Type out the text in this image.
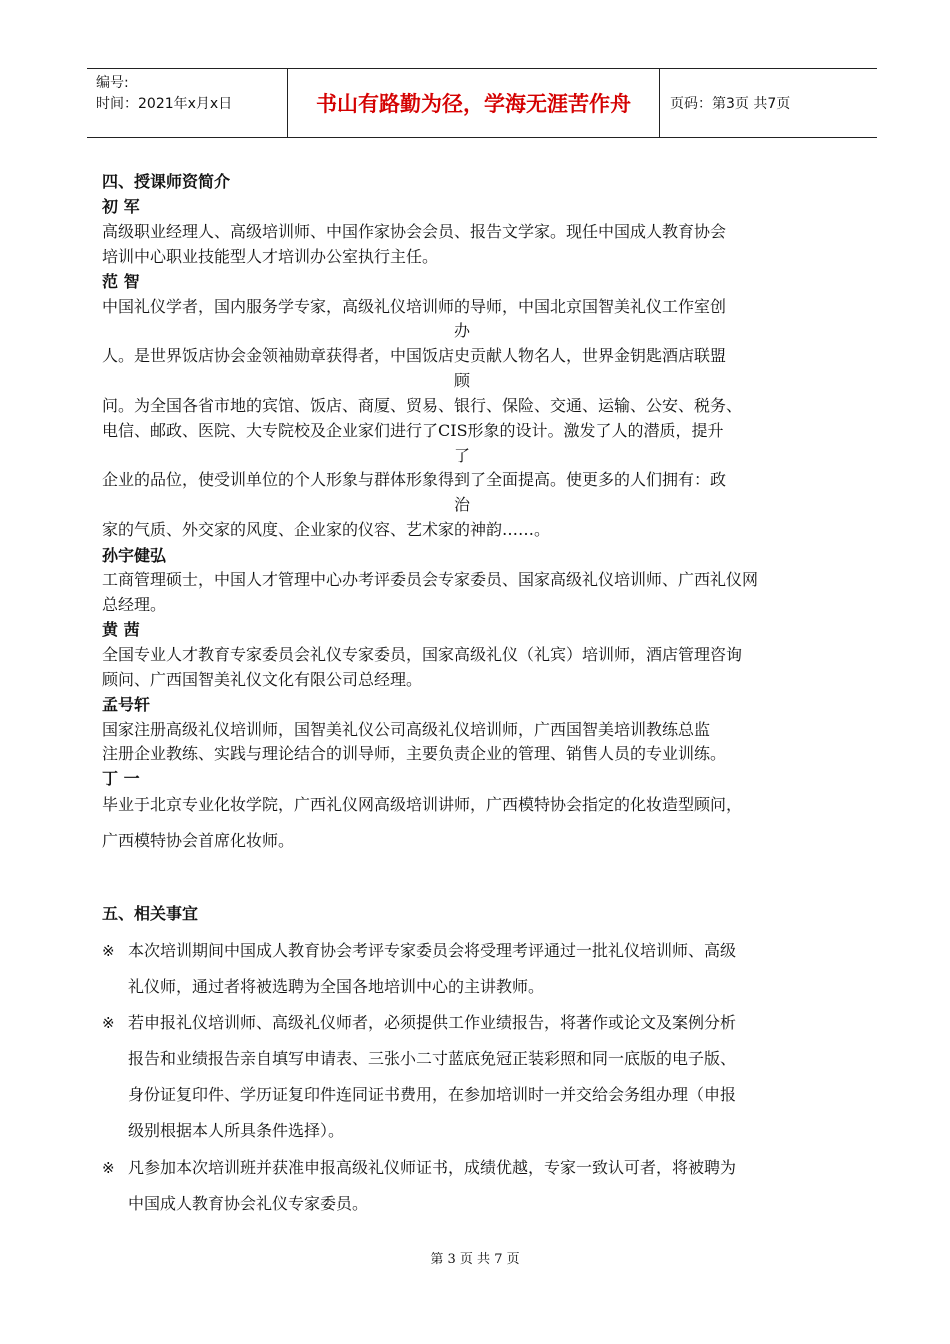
编号:
时间：2021年x月x日	书山有路勤为径，学海无涯苦作舟	页码：第3页 共7页
四、授课师资简介
初 军
高级职业经理人、高级培训师、中国作家协会会员、报告文学家。现任中国成人教育协会
培训中心职业技能型人才培训办公室执行主任。
范 智
中国礼仪学者，国内服务学专家，高级礼仪培训师的导师，中国北京国智美礼仪工作室创
办
人。是世界饭店协会金领袖勋章获得者，中国饭店史贡献人物名人，世界金钥匙酒店联盟
顾
问。为全国各省市地的宾馆、饭店、商厦、贸易、银行、保险、交通、运输、公安、税务、
电信、邮政、医院、大专院校及企业家们进行了CIS形象的设计。激发了人的潜质，提升
了
企业的品位，使受训单位的个人形象与群体形象得到了全面提高。使更多的人们拥有：政
治
家的气质、外交家的风度、企业家的仪容、艺术家的神韵……。
孙宇健弘
工商管理硕士，中国人才管理中心办考评委员会专家委员、国家高级礼仪培训师、广西礼仪网
总经理。
黄 茜
全国专业人才教育专家委员会礼仪专家委员，国家高级礼仪（礼宾）培训师，酒店管理咨询
顾问、广西国智美礼仪文化有限公司总经理。
孟号轩
国家注册高级礼仪培训师，国智美礼仪公司高级礼仪培训师，广西国智美培训教练总监
注册企业教练、实践与理论结合的训导师，主要负责企业的管理、销售人员的专业训练。
丁 一
毕业于北京专业化妆学院，广西礼仪网高级培训讲师，广西模特协会指定的化妆造型顾问，
广西模特协会首席化妆师。
五、相关事宜
※ 本次培训期间中国成人教育协会考评专家委员会将受理考评通过一批礼仪培训师、高级
礼仪师，通过者将被选聘为全国各地培训中心的主讲教师。
※ 若申报礼仪培训师、高级礼仪师者，必须提供工作业绩报告，将著作或论文及案例分析
报告和业绩报告亲自填写申请表、三张小二寸蓝底免冠正装彩照和同一底版的电子版、
身份证复印件、学历证复印件连同证书费用，在参加培训时一并交给会务组办理（申报
级别根据本人所具条件选择）。
※ 凡参加本次培训班并获准申报高级礼仪师证书，成绩优越，专家一致认可者，将被聘为
中国成人教育协会礼仪专家委员。
第 3 页 共 7 页
